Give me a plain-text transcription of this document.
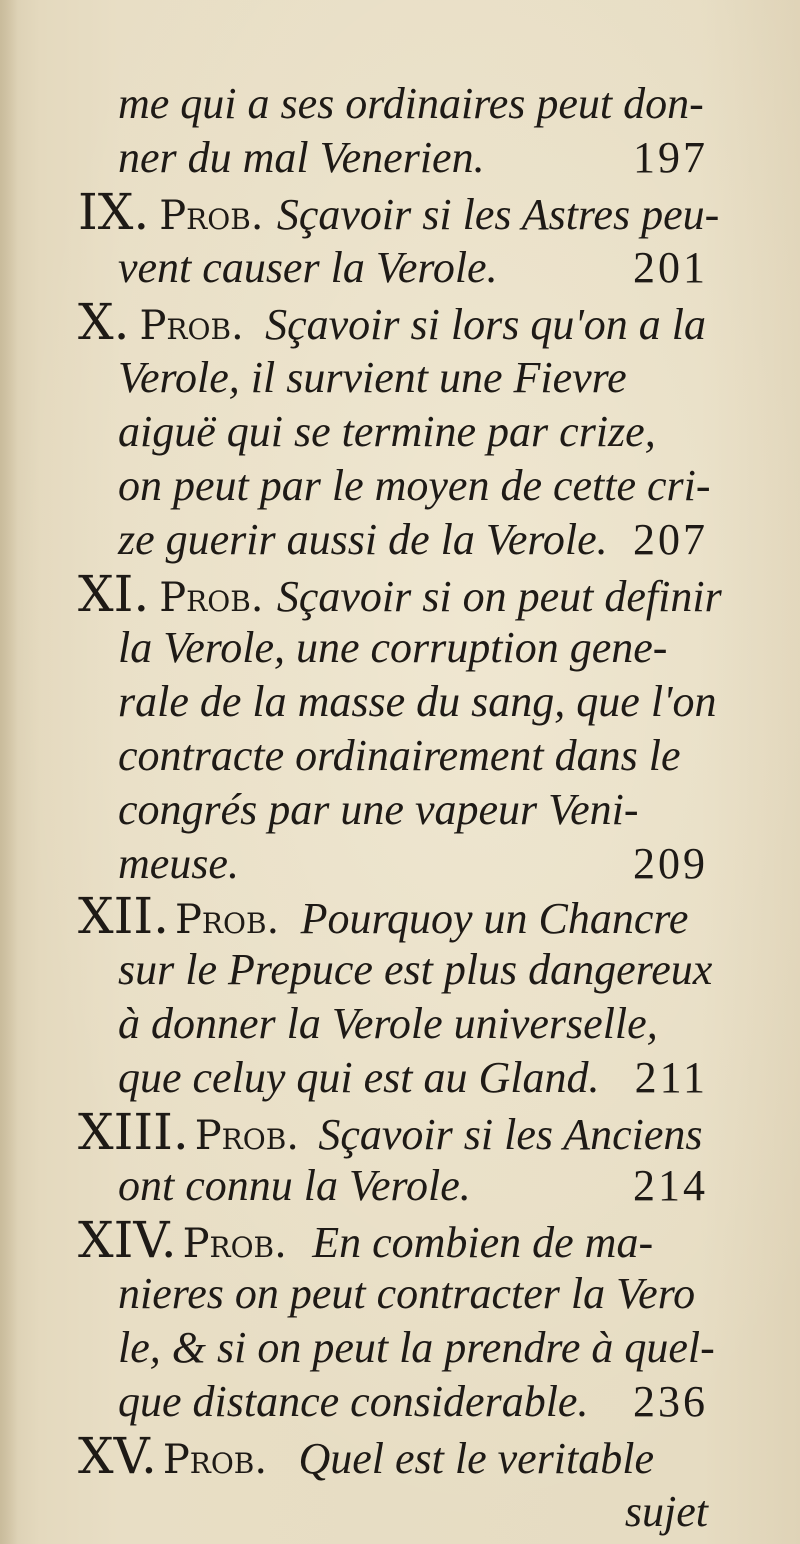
me qui a ses ordinaires peut don-
ner du mal Venerien.	197
IX. Prob. Sçavoir si les Astres peu-
vent causer la Verole.	201
X. Prob. Sçavoir si lors qu'on a la
Verole, il survient une Fievre
aiguë qui se termine par crize,
on peut par le moyen de cette cri-
ze guerir aussi de la Verole. 207
XI. Prob. Sçavoir si on peut definir
la Verole, une corruption gene-
rale de la masse du sang, que l'on
contracte ordinairement dans le
congrés par une vapeur Veni-
meuse.	209
XII. Prob. Pourquoy un Chancre
sur le Prepuce est plus dangereux
à donner la Verole universelle,
que celuy qui est au Gland. 211
XIII. Prob. Sçavoir si les Anciens
ont connu la Verole.	214
XIV. Prob. En combien de ma-
nieres on peut contracter la Vero
le, & si on peut la prendre à quel-
que distance considerable. 236
XV. Prob. Quel est le veritable
sujet
